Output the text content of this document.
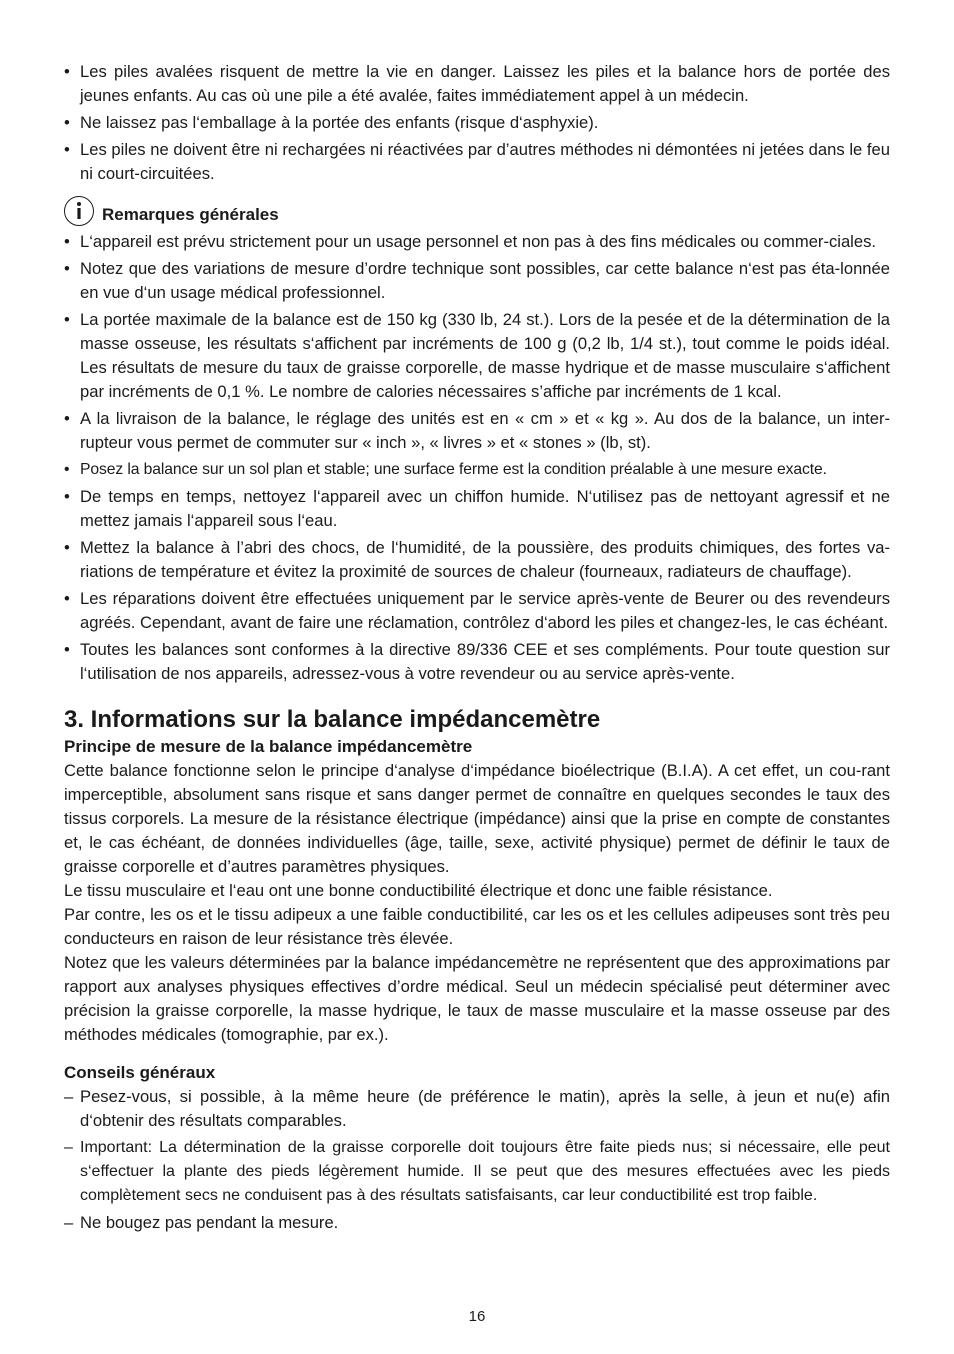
• Les piles avalées risquent de mettre la vie en danger. Laissez les piles et la balance hors de portée des jeunes enfants. Au cas où une pile a été avalée, faites immédiatement appel à un médecin.
• Ne laissez pas l‘emballage à la portée des enfants (risque d‘asphyxie).
• Les piles ne doivent être ni rechargées ni réactivées par d’autres méthodes ni démontées ni jetées dans le feu ni court-circuitées.
Remarques générales
• L‘appareil est prévu strictement pour un usage personnel et non pas à des fins médicales ou commer-ciales.
• Notez que des variations de mesure d’ordre technique sont possibles, car cette balance n‘est pas éta-lonnée en vue d‘un usage médical professionnel.
• La portée maximale de la balance est de 150 kg (330 lb, 24 st.). Lors de la pesée et de la détermination de la masse osseuse, les résultats s‘affichent par incréments de 100 g (0,2 lb, 1/4 st.), tout comme le poids idéal. Les résultats de mesure du taux de graisse corporelle, de masse hydrique et de masse musculaire s‘affichent par incréments de 0,1 %. Le nombre de calories nécessaires s’affiche par incréments de 1 kcal.
• A la livraison de la balance, le réglage des unités est en « cm » et « kg ». Au dos de la balance, un inter-rupteur vous permet de commuter sur « inch », « livres » et « stones » (lb, st).
• Posez la balance sur un sol plan et stable; une surface ferme est la condition préalable à une mesure exacte.
• De temps en temps, nettoyez l‘appareil avec un chiffon humide. N‘utilisez pas de nettoyant agressif et ne mettez jamais l‘appareil sous l‘eau.
• Mettez la balance à l’abri des chocs, de l‘humidité, de la poussière, des produits chimiques, des fortes va-riations de température et évitez la proximité de sources de chaleur (fourneaux, radiateurs de chauffage).
• Les réparations doivent être effectuées uniquement par le service après-vente de Beurer ou des revendeurs agréés. Cependant, avant de faire une réclamation, contrôlez d‘abord les piles et changez-les, le cas échéant.
• Toutes les balances sont conformes à la directive 89/336 CEE et ses compléments. Pour toute question sur l‘utilisation de nos appareils, adressez-vous à votre revendeur ou au service après-vente.
3. Informations sur la balance impédancemètre
Principe de mesure de la balance impédancemètre

Cette balance fonctionne selon le principe d‘analyse d‘impédance bioélectrique (B.I.A). A cet effet, un cou-rant imperceptible, absolument sans risque et sans danger permet de connaître en quelques secondes le taux des tissus corporels. La mesure de la résistance électrique (impédance) ainsi que la prise en compte de constantes et, le cas échéant, de données individuelles (âge, taille, sexe, activité physique) permet de définir le taux de graisse corporelle et d’autres paramètres physiques.

Le tissu musculaire et l‘eau ont une bonne conductibilité électrique et donc une faible résistance.

Par contre, les os et le tissu adipeux a une faible conductibilité, car les os et les cellules adipeuses sont très peu conducteurs en raison de leur résistance très élevée.

Notez que les valeurs déterminées par la balance impédancemètre ne représentent que des approximations par rapport aux analyses physiques effectives d’ordre médical. Seul un médecin spécialisé peut déterminer avec précision la graisse corporelle, la masse hydrique, le taux de masse musculaire et la masse osseuse par des méthodes médicales (tomographie, par ex.).

Conseils généraux
– Pesez-vous, si possible, à la même heure (de préférence le matin), après la selle, à jeun et nu(e) afin d‘obtenir des résultats comparables.
– Important: La détermination de la graisse corporelle doit toujours être faite pieds nus; si nécessaire, elle peut s‘effectuer la plante des pieds légèrement humide. Il se peut que des mesures effectuées avec les pieds complètement secs ne conduisent pas à des résultats satisfaisants, car leur conductibilité est trop faible.
– Ne bougez pas pendant la mesure.
16
